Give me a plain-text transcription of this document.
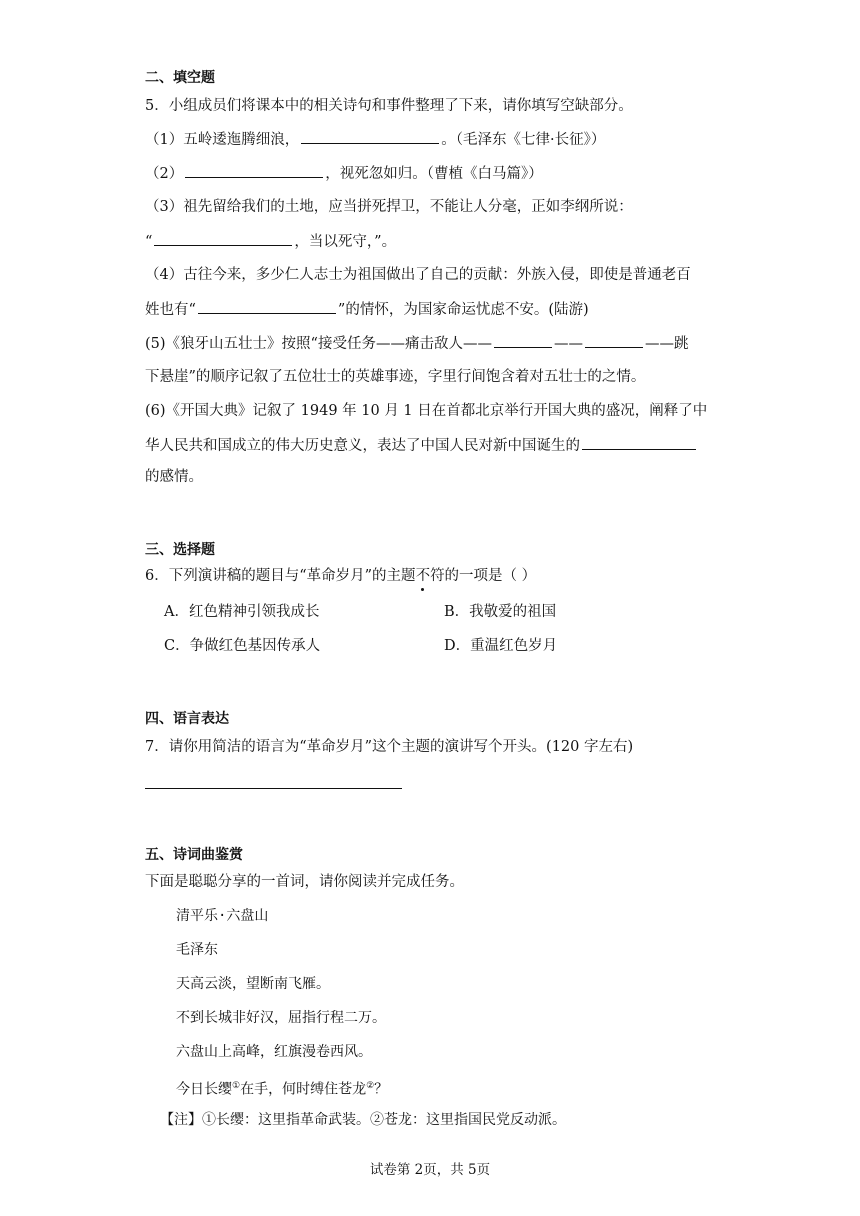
二、填空题
5．小组成员们将课本中的相关诗句和事件整理了下来，请你填写空缺部分。
（1）五岭逶迤腾细浪，	。（毛泽东《七律·长征》）
（2）	，视死忽如归。（曹植《白马篇》）
（3）祖先留给我们的土地，应当拼死捍卫，不能让人分毫，正如李纲所说：
“	，当以死守，”。
（4）古往今来，多少仁人志士为祖国做出了自己的贡献：外族入侵，即使是普通老百
姓也有“	”的情怀，为国家命运忧虑不安。(陆游)
(5)《狼牙山五壮士》按照“接受任务——痛击敌人——	——	——跳
下悬崖”的顺序记叙了五位壮士的英雄事迹，字里行间饱含着对五壮士的之情。
(6)《开国大典》记叙了 1949 年 10 月 1 日在首都北京举行开国大典的盛况，阐释了中
华人民共和国成立的伟大历史意义，表达了中国人民对新中国诞生的
的感情。
三、选择题
6．下列演讲稿的题目与“革命岁月”的主题不符的一项是（ ）
A．红色精神引领我成长	B．我敬爱的祖国
C．争做红色基因传承人	D．重温红色岁月
四、语言表达
7．请你用简洁的语言为“革命岁月”这个主题的演讲写个开头。(120 字左右)
五、诗词曲鉴赏
下面是聪聪分享的一首词，请你阅读并完成任务。
清平乐·六盘山
毛泽东
天高云淡，望断南飞雁。
不到长城非好汉，屈指行程二万。
六盘山上高峰，红旗漫卷西风。
今日长缨①在手，何时缚住苍龙②？
【注】①长缨：这里指革命武装。②苍龙：这里指国民党反动派。
试卷第 2页，共 5页
